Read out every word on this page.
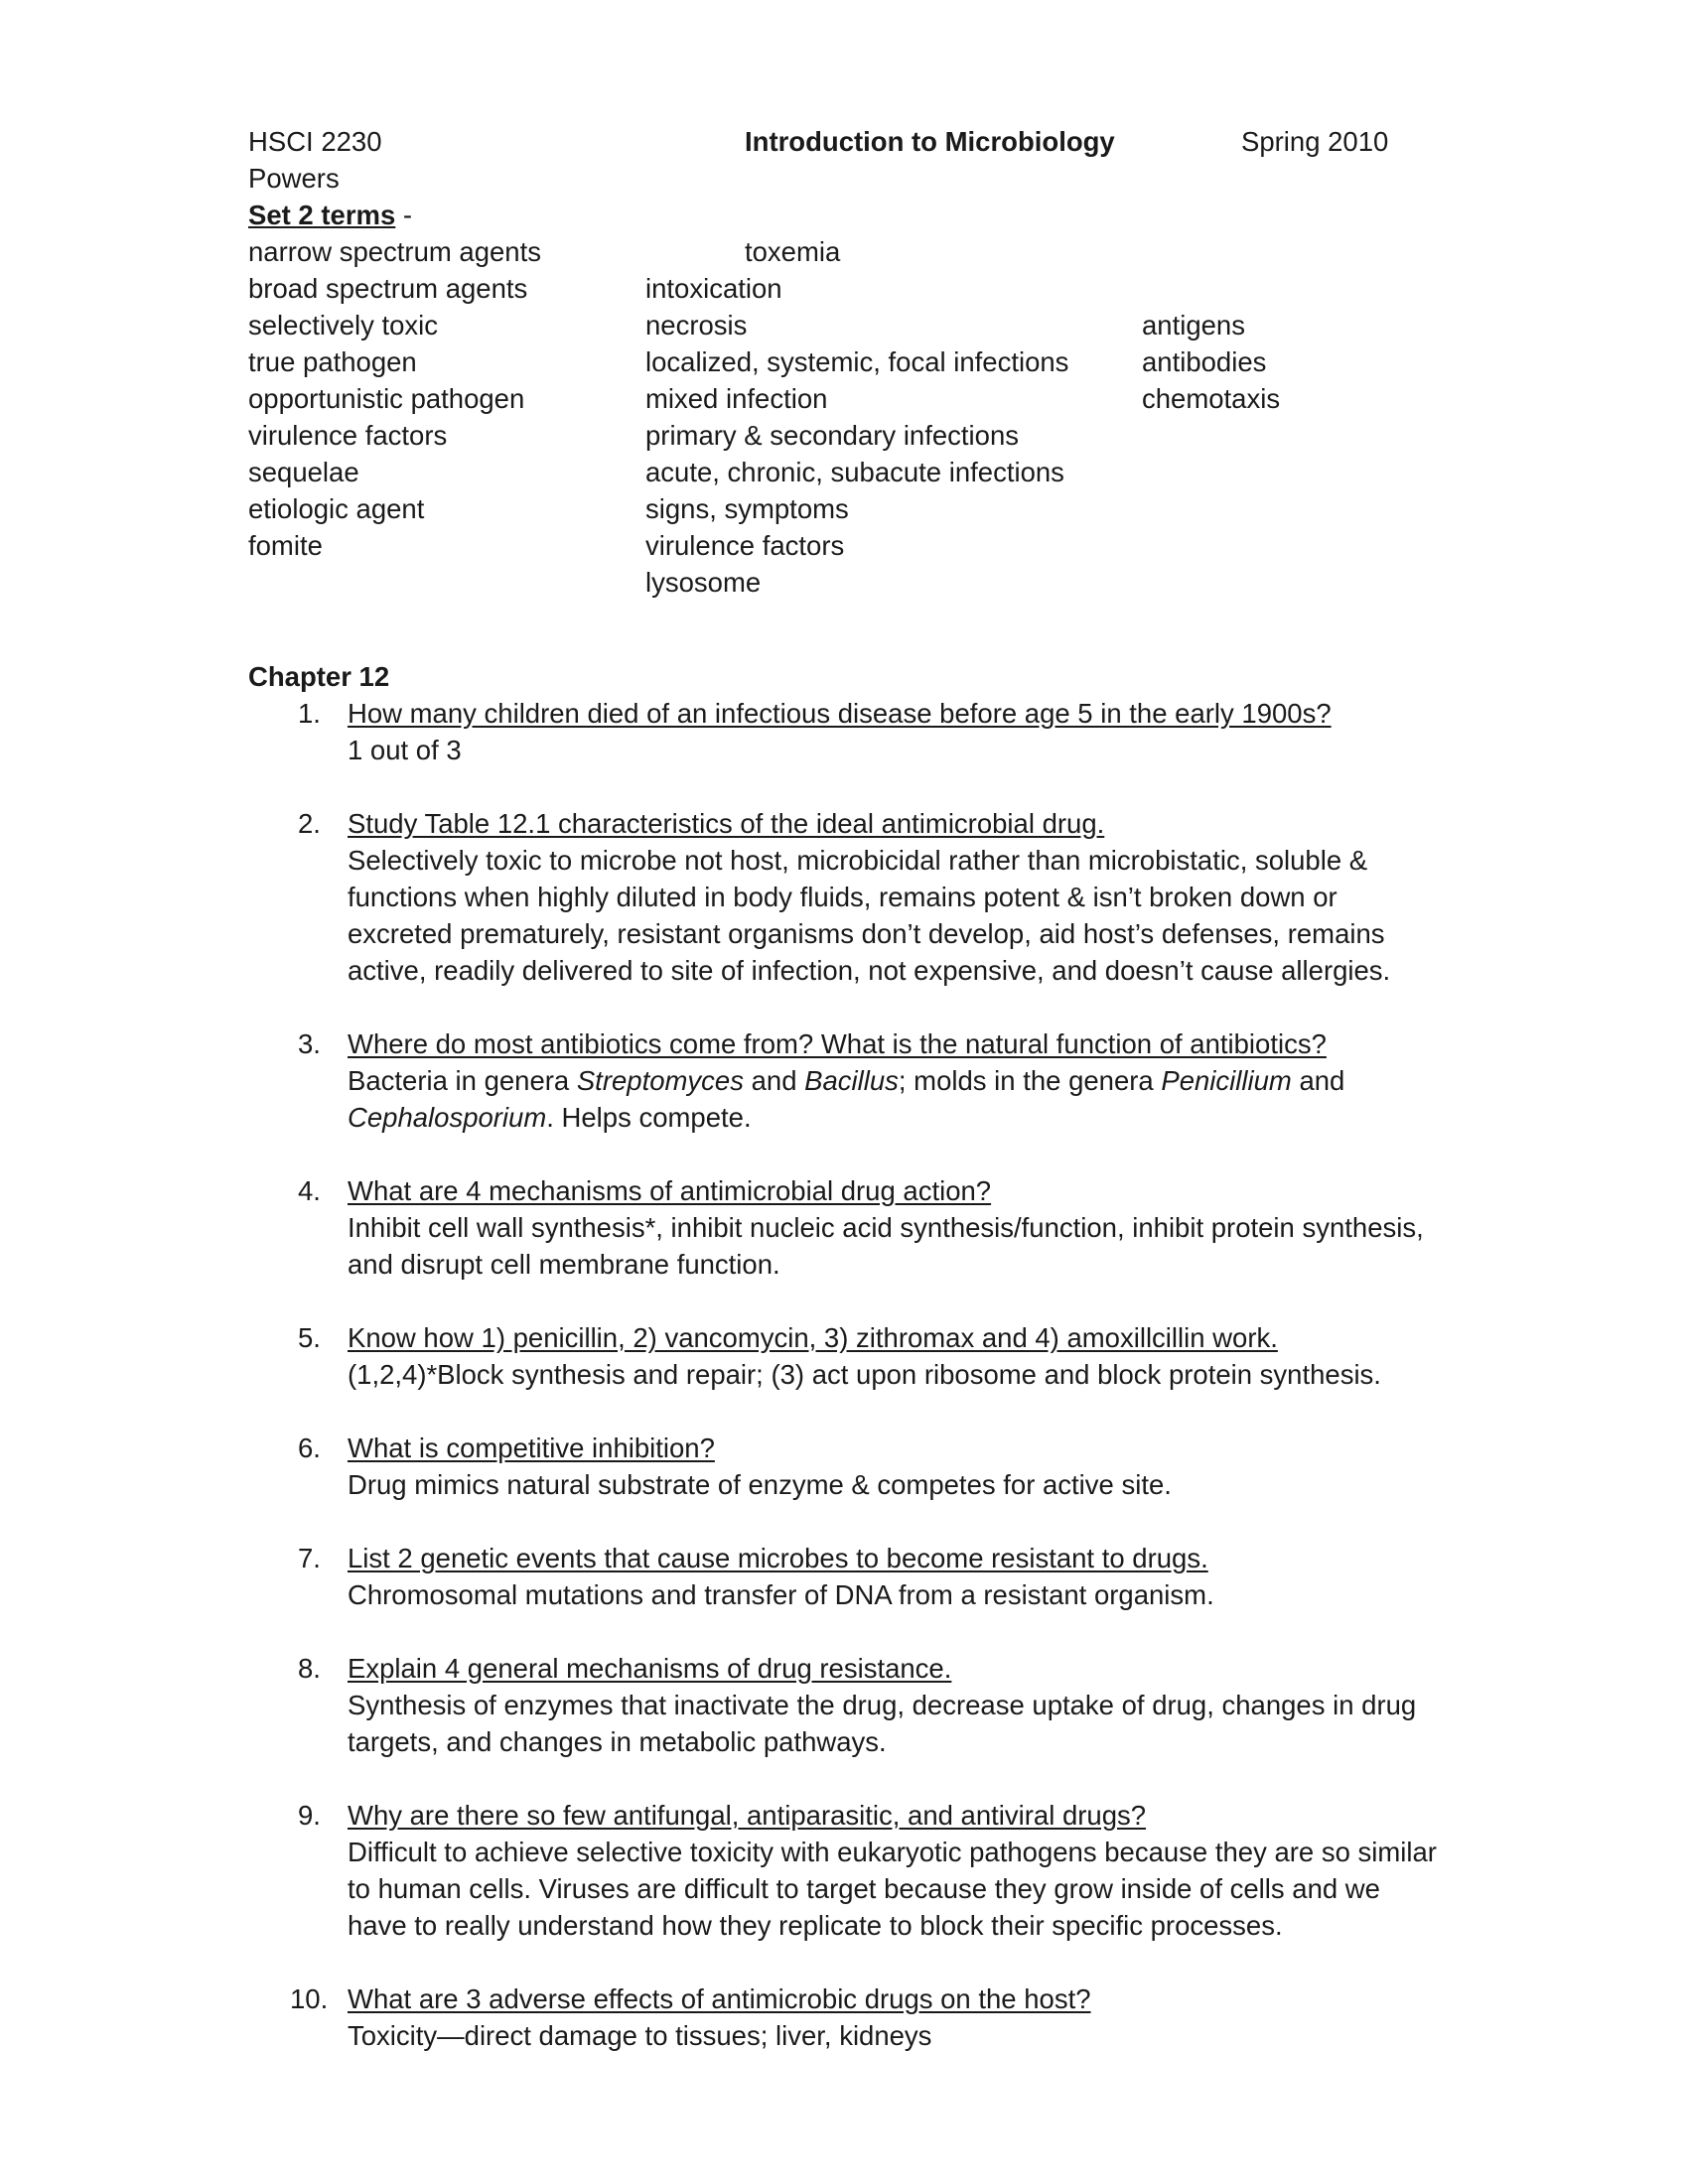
HSCI 2230	Introduction to Microbiology	Spring 2010
Powers
Set 2 terms -
narrow spectrum agents
broad spectrum agents
selectively toxic
true pathogen
opportunistic pathogen
virulence factors
sequelae
etiologic agent
fomite
toxemia
intoxication
necrosis
localized, systemic, focal infections
mixed infection
primary & secondary infections
acute, chronic, subacute infections
signs, symptoms
virulence factors
lysosome
antigens
antibodies
chemotaxis
Chapter 12
1. How many children died of an infectious disease before age 5 in the early 1900s?
1 out of 3
2. Study Table 12.1 characteristics of the ideal antimicrobial drug.
Selectively toxic to microbe not host, microbicidal rather than microbistatic, soluble & functions when highly diluted in body fluids, remains potent & isn’t broken down or excreted prematurely, resistant organisms don’t develop, aid host’s defenses, remains active, readily delivered to site of infection, not expensive, and doesn’t cause allergies.
3. Where do most antibiotics come from? What is the natural function of antibiotics?
Bacteria in genera Streptomyces and Bacillus; molds in the genera Penicillium and Cephalosporium. Helps compete.
4. What are 4 mechanisms of antimicrobial drug action?
Inhibit cell wall synthesis*, inhibit nucleic acid synthesis/function, inhibit protein synthesis, and disrupt cell membrane function.
5. Know how 1) penicillin, 2) vancomycin, 3) zithromax and 4) amoxillcillin work.
(1,2,4)*Block synthesis and repair; (3) act upon ribosome and block protein synthesis.
6. What is competitive inhibition?
Drug mimics natural substrate of enzyme & competes for active site.
7. List 2 genetic events that cause microbes to become resistant to drugs.
Chromosomal mutations and transfer of DNA from a resistant organism.
8. Explain 4 general mechanisms of drug resistance.
Synthesis of enzymes that inactivate the drug, decrease uptake of drug, changes in drug targets, and changes in metabolic pathways.
9. Why are there so few antifungal, antiparasitic, and antiviral drugs?
Difficult to achieve selective toxicity with eukaryotic pathogens because they are so similar to human cells. Viruses are difficult to target because they grow inside of cells and we have to really understand how they replicate to block their specific processes.
10. What are 3 adverse effects of antimicrobic drugs on the host?
Toxicity—direct damage to tissues; liver, kidneys
